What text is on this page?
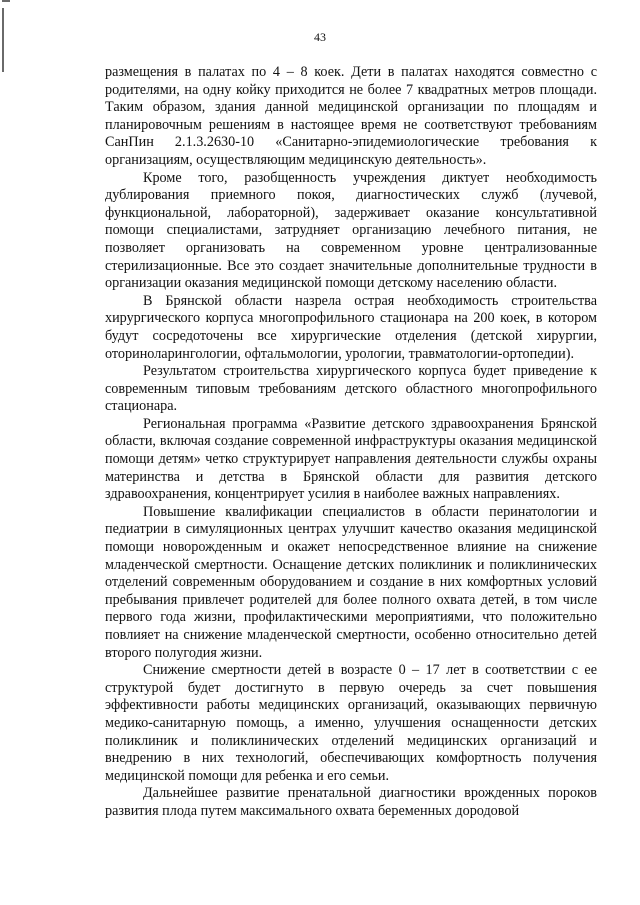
43

размещения в палатах по 4 – 8 коек. Дети в палатах находятся совместно с родителями, на одну койку приходится не более 7 квадратных метров площади. Таким образом, здания данной медицинской организации по площадям и планировочным решениям в настоящее время не соответствуют требованиям СанПин 2.1.3.2630-10 «Санитарно-эпидемиологические требования к организациям, осуществляющим медицинскую деятельность».

Кроме того, разобщенность учреждения диктует необходимость дублирования приемного покоя, диагностических служб (лучевой, функциональной, лабораторной), задерживает оказание консультативной помощи специалистами, затрудняет организацию лечебного питания, не позволяет организовать на современном уровне централизованные стерилизационные. Все это создает значительные дополнительные трудности в организации оказания медицинской помощи детскому населению области.

В Брянской области назрела острая необходимость строительства хирургического корпуса многопрофильного стационара на 200 коек, в котором будут сосредоточены все хирургические отделения (детской хирургии, оториноларингологии, офтальмологии, урологии, травматологии-ортопедии).

Результатом строительства хирургического корпуса будет приведение к современным типовым требованиям детского областного многопрофильного стационара.

Региональная программа «Развитие детского здравоохранения Брянской области, включая создание современной инфраструктуры оказания медицинской помощи детям» четко структурирует направления деятельности службы охраны материнства и детства в Брянской области для развития детского здравоохранения, концентрирует усилия в наиболее важных направлениях.

Повышение квалификации специалистов в области перинатологии и педиатрии в симуляционных центрах улучшит качество оказания медицинской помощи новорожденным и окажет непосредственное влияние на снижение младенческой смертности. Оснащение детских поликлиник и поликлинических отделений современным оборудованием и создание в них комфортных условий пребывания привлечет родителей для более полного охвата детей, в том числе первого года жизни, профилактическими мероприятиями, что положительно повлияет на снижение младенческой смертности, особенно относительно детей второго полугодия жизни.

Снижение смертности детей в возрасте 0 – 17 лет в соответствии с ее структурой будет достигнуто в первую очередь за счет повышения эффективности работы медицинских организаций, оказывающих первичную медико-санитарную помощь, а именно, улучшения оснащенности детских поликлиник и поликлинических отделений медицинских организаций и внедрению в них технологий, обеспечивающих комфортность получения медицинской помощи для ребенка и его семьи.

Дальнейшее развитие пренатальной диагностики врожденных пороков развития плода путем максимального охвата беременных дородовой
